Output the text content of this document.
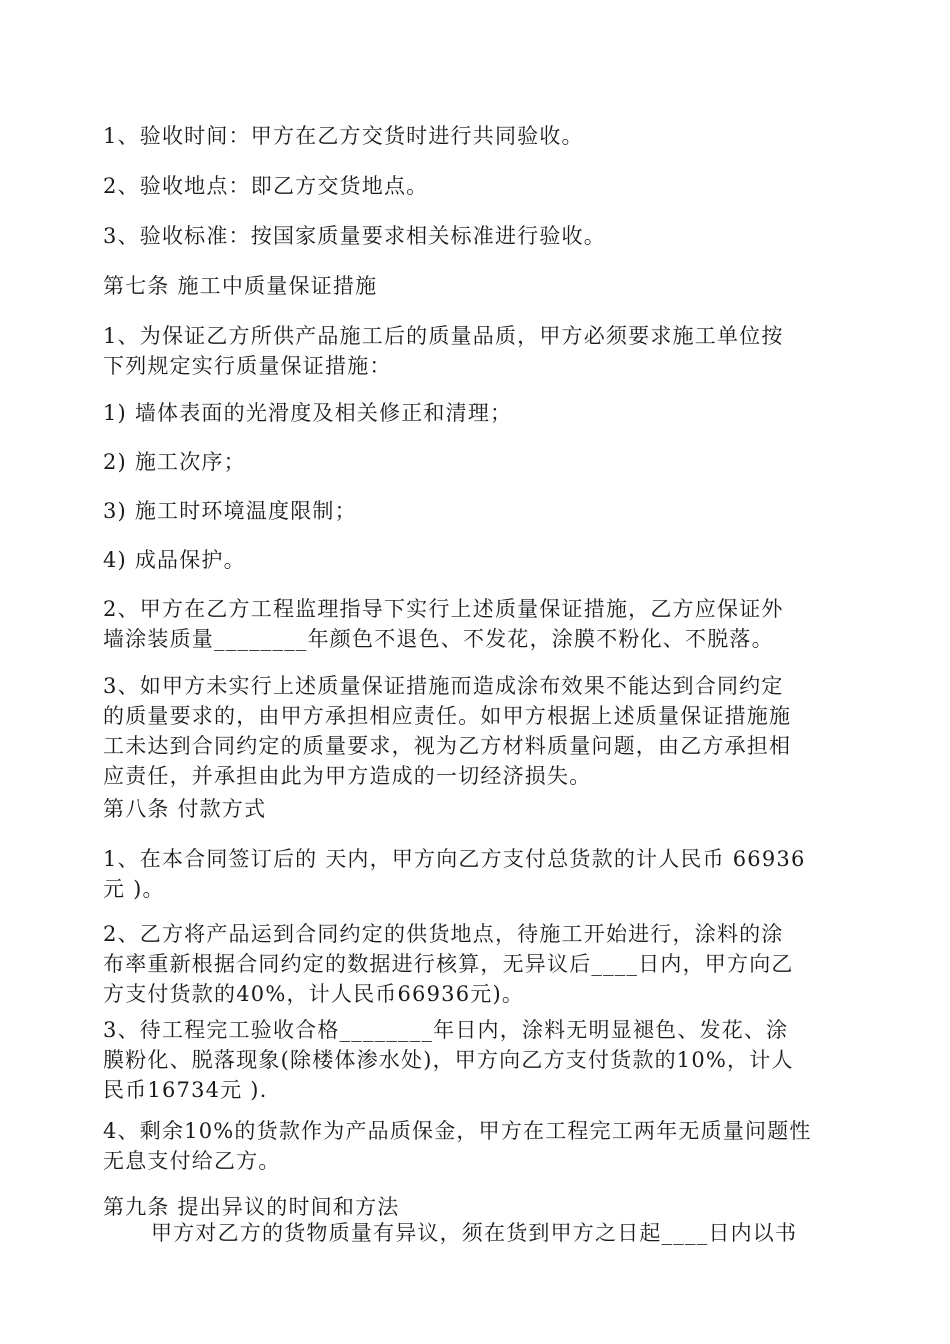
1、验收时间：甲方在乙方交货时进行共同验收。

2、验收地点：即乙方交货地点。

3、验收标准：按国家质量要求相关标准进行验收。

第七条 施工中质量保证措施

1、为保证乙方所供产品施工后的质量品质，甲方必须要求施工单位按
下列规定实行质量保证措施：

1) 墙体表面的光滑度及相关修正和清理；

2) 施工次序；

3) 施工时环境温度限制；

4) 成品保护。

2、甲方在乙方工程监理指导下实行上述质量保证措施，乙方应保证外
墙涂装质量________年颜色不退色、不发花，涂膜不粉化、不脱落。

3、如甲方未实行上述质量保证措施而造成涂布效果不能达到合同约定
的质量要求的，由甲方承担相应责任。如甲方根据上述质量保证措施施
工未达到合同约定的质量要求，视为乙方材料质量问题，由乙方承担相
应责任，并承担由此为甲方造成的一切经济损失。

第八条 付款方式

1、在本合同签订后的 天内，甲方向乙方支付总货款的计人民币 66936
元 )。

2、乙方将产品运到合同约定的供货地点，待施工开始进行，涂料的涂
布率重新根据合同约定的数据进行核算，无异议后____日内，甲方向乙
方支付货款的40%，计人民币66936元)。

3、待工程完工验收合格________年日内，涂料无明显褪色、发花、涂
膜粉化、脱落现象(除楼体渗水处)，甲方向乙方支付货款的10%，计人
民币16734元 ).

4、剩余10%的货款作为产品质保金，甲方在工程完工两年无质量问题性
无息支付给乙方。

第九条 提出异议的时间和方法

甲方对乙方的货物质量有异议，须在货到甲方之日起____日内以书
